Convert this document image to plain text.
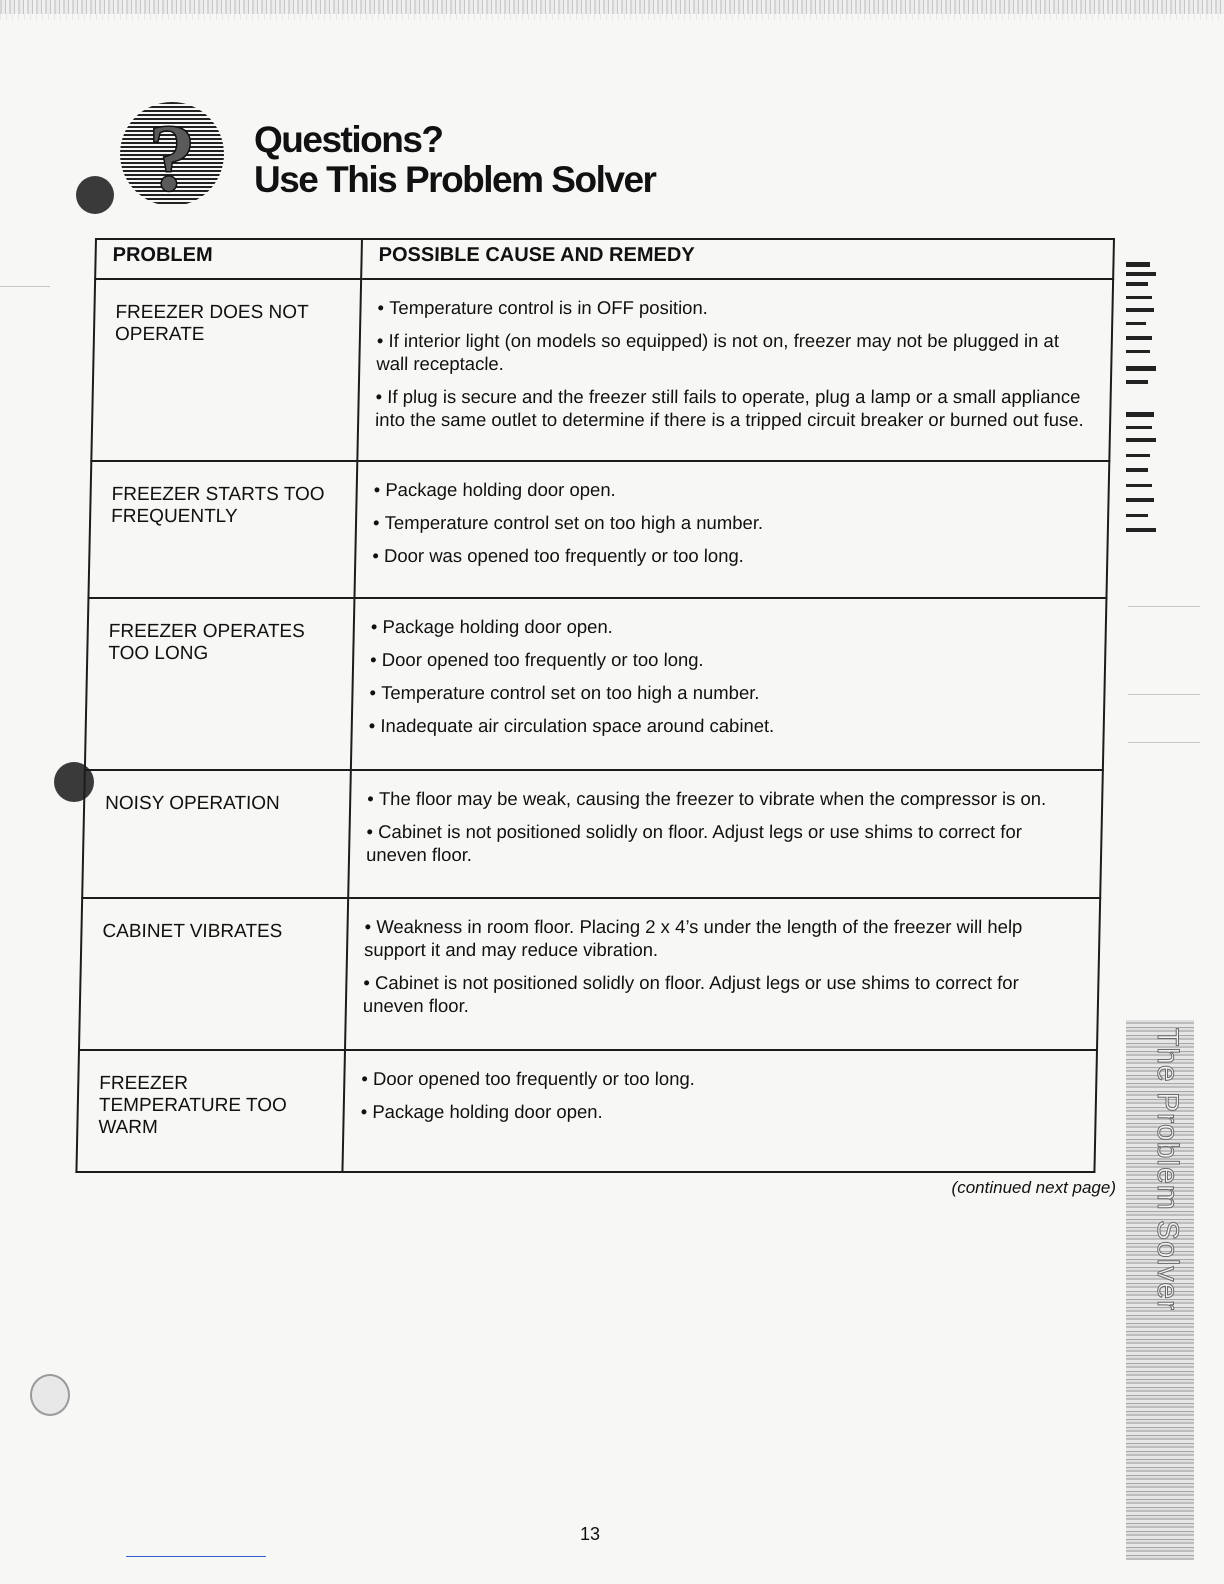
? Questions?
Use This Problem Solver
PROBLEM	POSSIBLE CAUSE AND REMEDY
FREEZER DOES NOT OPERATE	• Temperature control is in OFF position.
• If interior light (on models so equipped) is not on, freezer may not be plugged in at wall receptacle.
• If plug is secure and the freezer still fails to operate, plug a lamp or a small appliance into the same outlet to determine if there is a tripped circuit breaker or burned out fuse.

FREEZER STARTS TOO FREQUENTLY	• Package holding door open.
• Temperature control set on too high a number.
• Door was opened too frequently or too long.

FREEZER OPERATES TOO LONG	• Package holding door open.
• Door opened too frequently or too long.
• Temperature control set on too high a number.
• Inadequate air circulation space around cabinet.

NOISY OPERATION	• The floor may be weak, causing the freezer to vibrate when the compressor is on.
• Cabinet is not positioned solidly on floor. Adjust legs or use shims to correct for uneven floor.

CABINET VIBRATES	• Weakness in room floor. Placing 2 x 4’s under the length of the freezer will help support it and may reduce vibration.
• Cabinet is not positioned solidly on floor. Adjust legs or use shims to correct for uneven floor.

FREEZER TEMPERATURE TOO WARM	• Door opened too frequently or too long.
• Package holding door open.
(continued next page)
13
The Problem Solver
